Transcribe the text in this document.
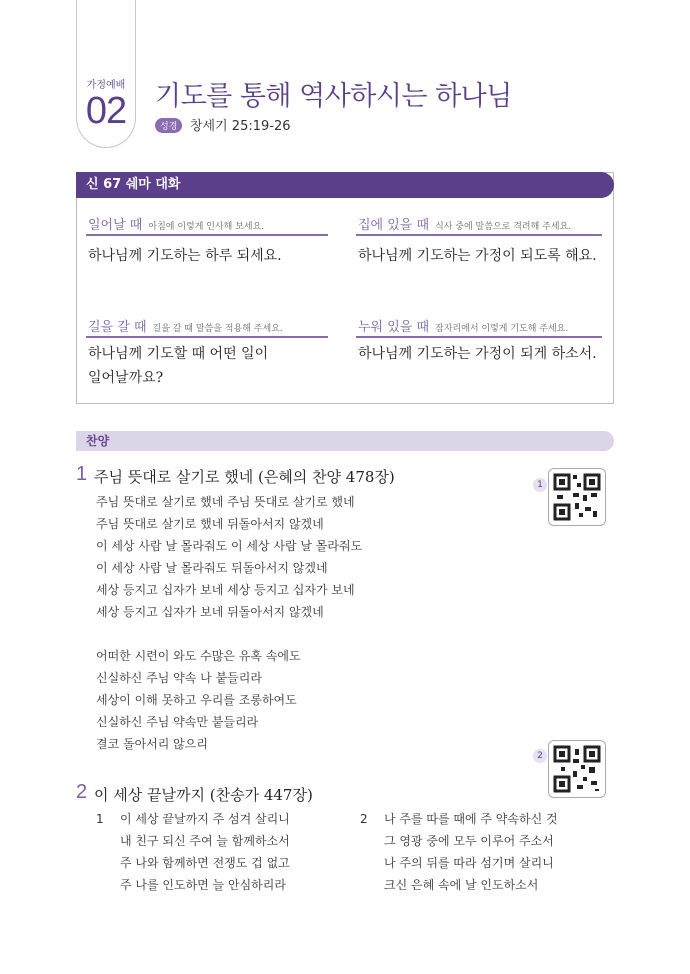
가정예배
02	기도를 통해 역사하시는 하나님
성경 창세기 25:19-26
신 67 쉐마 대화
일어날 때 아침에 이렇게 인사해 보세요.
하나님께 기도하는 하루 되세요.
집에 있을 때 식사 중에 말씀으로 격려해 주세요.
하나님께 기도하는 가정이 되도록 해요.
길을 갈 때 길을 갈 때 말씀을 적용해 주세요.
하나님께 기도할 때 어떤 일이
일어날까요?
누워 있을 때 잠자리에서 이렇게 기도해 주세요.
하나님께 기도하는 가정이 되게 하소서.
찬양
1 주님 뜻대로 살기로 했네 (은혜의 찬양 478장)	1
주님 뜻대로 살기로 했네 주님 뜻대로 살기로 했네
주님 뜻대로 살기로 했네 뒤돌아서지 않겠네
이 세상 사람 날 몰라줘도 이 세상 사람 날 몰라줘도
이 세상 사람 날 몰라줘도 뒤돌아서지 않겠네
세상 등지고 십자가 보네 세상 등지고 십자가 보네
세상 등지고 십자가 보네 뒤돌아서지 않겠네
어떠한 시련이 와도 수많은 유혹 속에도
신실하신 주님 약속 나 붙들리라
세상이 이해 못하고 우리를 조롱하여도
신실하신 주님 약속만 붙들리라
결코 돌아서리 않으리
2
2 이 세상 끝날까지 (찬송가 447장)
1 이 세상 끝날까지 주 섬겨 살리니
내 친구 되신 주여 늘 함께하소서
주 나와 함께하면 전쟁도 겁 없고
주 나를 인도하면 늘 안심하리라
2 나 주를 따를 때에 주 약속하신 것
그 영광 중에 모두 이루어 주소서
나 주의 뒤를 따라 섬기며 살리니
크신 은혜 속에 날 인도하소서
